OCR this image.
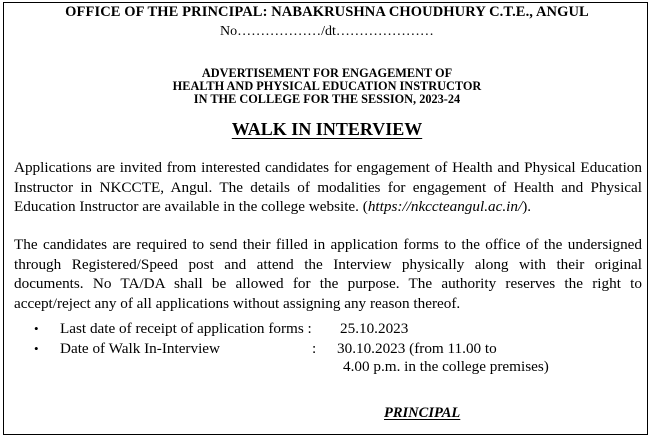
OFFICE OF THE PRINCIPAL: NABAKRUSHNA CHOUDHURY C.T.E., ANGUL
No………………/dt…………………
ADVERTISEMENT FOR ENGAGEMENT OF
HEALTH AND PHYSICAL EDUCATION INSTRUCTOR
IN THE COLLEGE FOR THE SESSION, 2023-24
WALK IN INTERVIEW

Applications are invited from interested candidates for engagement of Health and Physical Education Instructor in NKCCTE, Angul. The details of modalities for engagement of Health and Physical Education Instructor are available in the college website. (https://nkccteangul.ac.in/).

The candidates are required to send their filled in application forms to the office of the undersigned through Registered/Speed post and attend the Interview physically along with their original documents. No TA/DA shall be allowed for the purpose. The authority reserves the right to accept/reject any of all applications without assigning any reason thereof.

• Last date of receipt of application forms : 25.10.2023
• Date of Walk In-Interview	: 30.10.2023 (from 11.00 to
4.00 p.m. in the college premises)
PRINCIPAL
